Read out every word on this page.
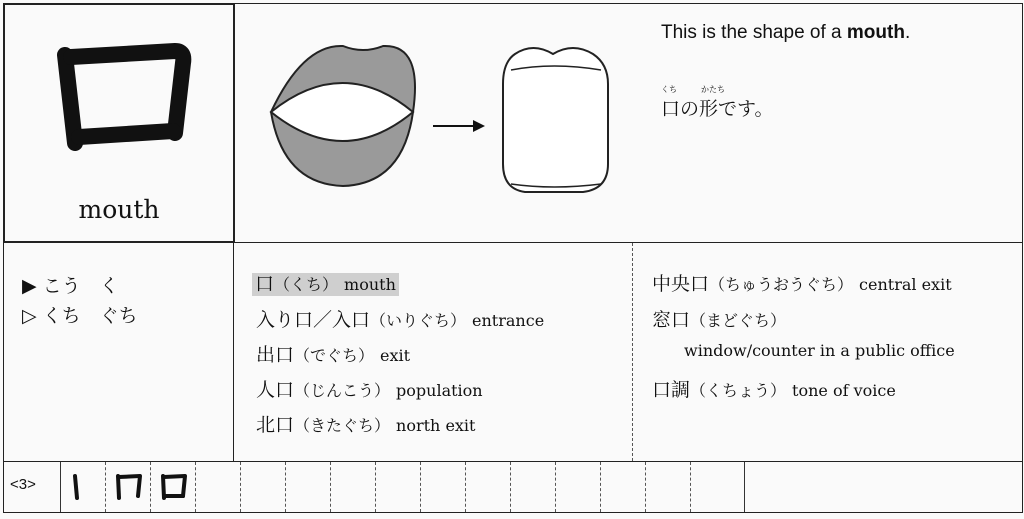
mouth
This is the shape of a mouth.
くち	かたち
口の形です。
▶ こう　く
▷ くち　ぐち
口（くち） mouth
入り口／入口（いりぐち） entrance
出口（でぐち） exit
人口（じんこう） population
北口（きたぐち） north exit
中央口（ちゅうおうぐち） central exit
窓口（まどぐち）
window/counter in a public office
口調（くちょう） tone of voice
<3>
